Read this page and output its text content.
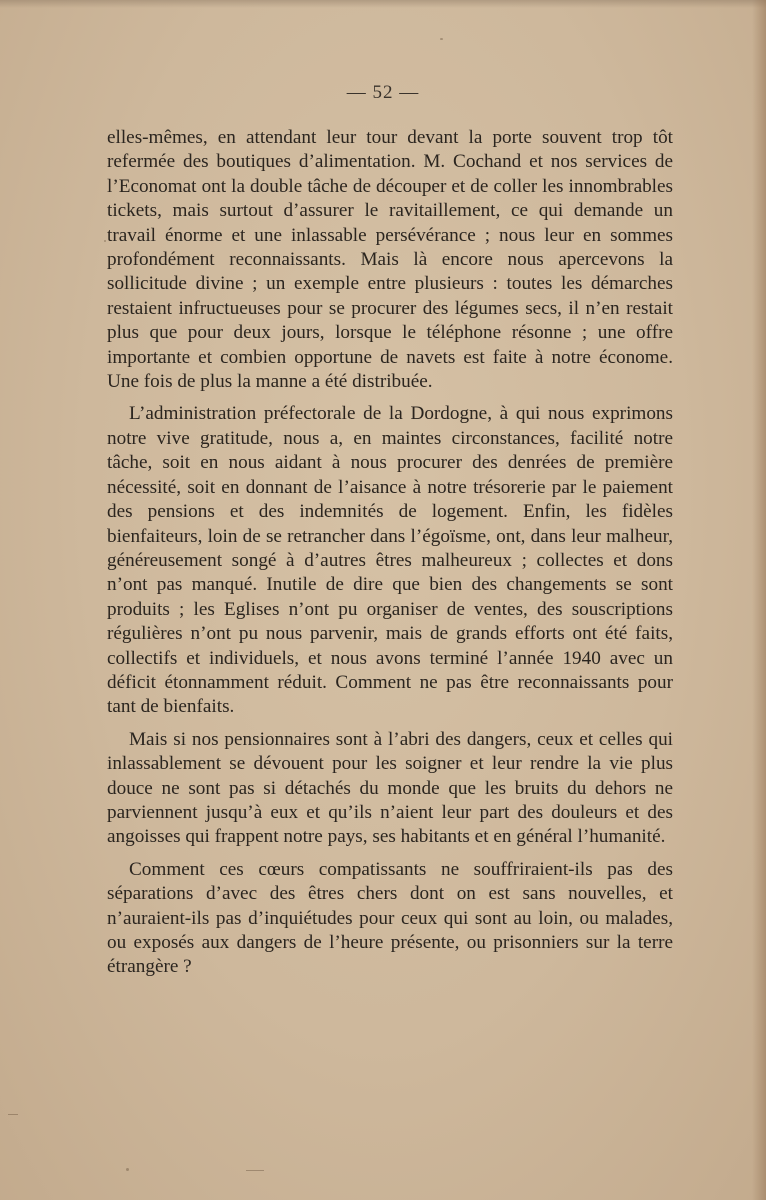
— 52 —

elles-mêmes, en attendant leur tour devant la porte souvent trop tôt refermée des boutiques d’alimentation. M. Cochand et nos services de l’Economat ont la double tâche de découper et de coller les innombrables tickets, mais surtout d’assurer le ravitaillement, ce qui demande un travail énorme et une inlassable persévérance ; nous leur en sommes profondément reconnaissants. Mais là encore nous apercevons la sollicitude divine ; un exemple entre plusieurs : toutes les démarches restaient infructueuses pour se procurer des légumes secs, il n’en restait plus que pour deux jours, lorsque le téléphone résonne ; une offre importante et combien opportune de navets est faite à notre économe. Une fois de plus la manne a été distribuée.

L’administration préfectorale de la Dordogne, à qui nous exprimons notre vive gratitude, nous a, en maintes circonstances, facilité notre tâche, soit en nous aidant à nous procurer des denrées de première nécessité, soit en donnant de l’aisance à notre trésorerie par le paiement des pensions et des indemnités de logement. Enfin, les fidèles bienfaiteurs, loin de se retrancher dans l’égoïsme, ont, dans leur malheur, généreusement songé à d’autres êtres malheureux ; collectes et dons n’ont pas manqué. Inutile de dire que bien des changements se sont produits ; les Eglises n’ont pu organiser de ventes, des souscriptions régulières n’ont pu nous parvenir, mais de grands efforts ont été faits, collectifs et individuels, et nous avons terminé l’année 1940 avec un déficit étonnamment réduit. Comment ne pas être reconnaissants pour tant de bienfaits.

Mais si nos pensionnaires sont à l’abri des dangers, ceux et celles qui inlassablement se dévouent pour les soigner et leur rendre la vie plus douce ne sont pas si détachés du monde que les bruits du dehors ne parviennent jusqu’à eux et qu’ils n’aient leur part des douleurs et des angoisses qui frappent notre pays, ses habitants et en général l’humanité.

Comment ces cœurs compatissants ne souffriraient-ils pas des séparations d’avec des êtres chers dont on est sans nouvelles, et n’auraient-ils pas d’inquiétudes pour ceux qui sont au loin, ou malades, ou exposés aux dangers de l’heure présente, ou prisonniers sur la terre étrangère ?
